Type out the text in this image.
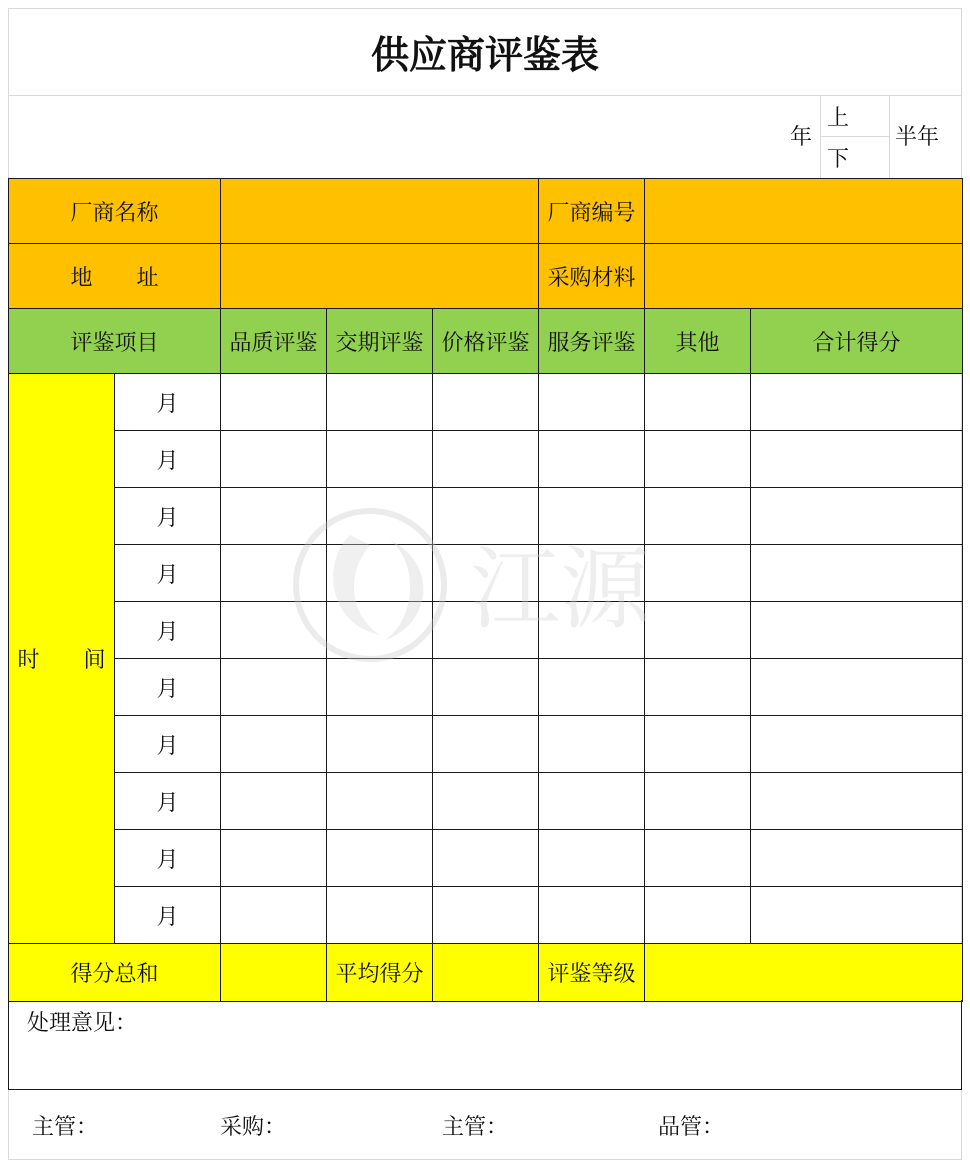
供应商评鉴表
年
上
下
半年
厂商名称					厂商编号		
地　　址					采购材料		
评鉴项目		品质评鉴	交期评鉴	价格评鉴	服务评鉴	其他	合计得分
时　　间	月						
	月						
	月						
	月						
	月						
	月						
	月						
	月						
	月						
	月						
得分总和			平均得分		评鉴等级		
处理意见：
主管：	采购：	主管：	品管：
江源
